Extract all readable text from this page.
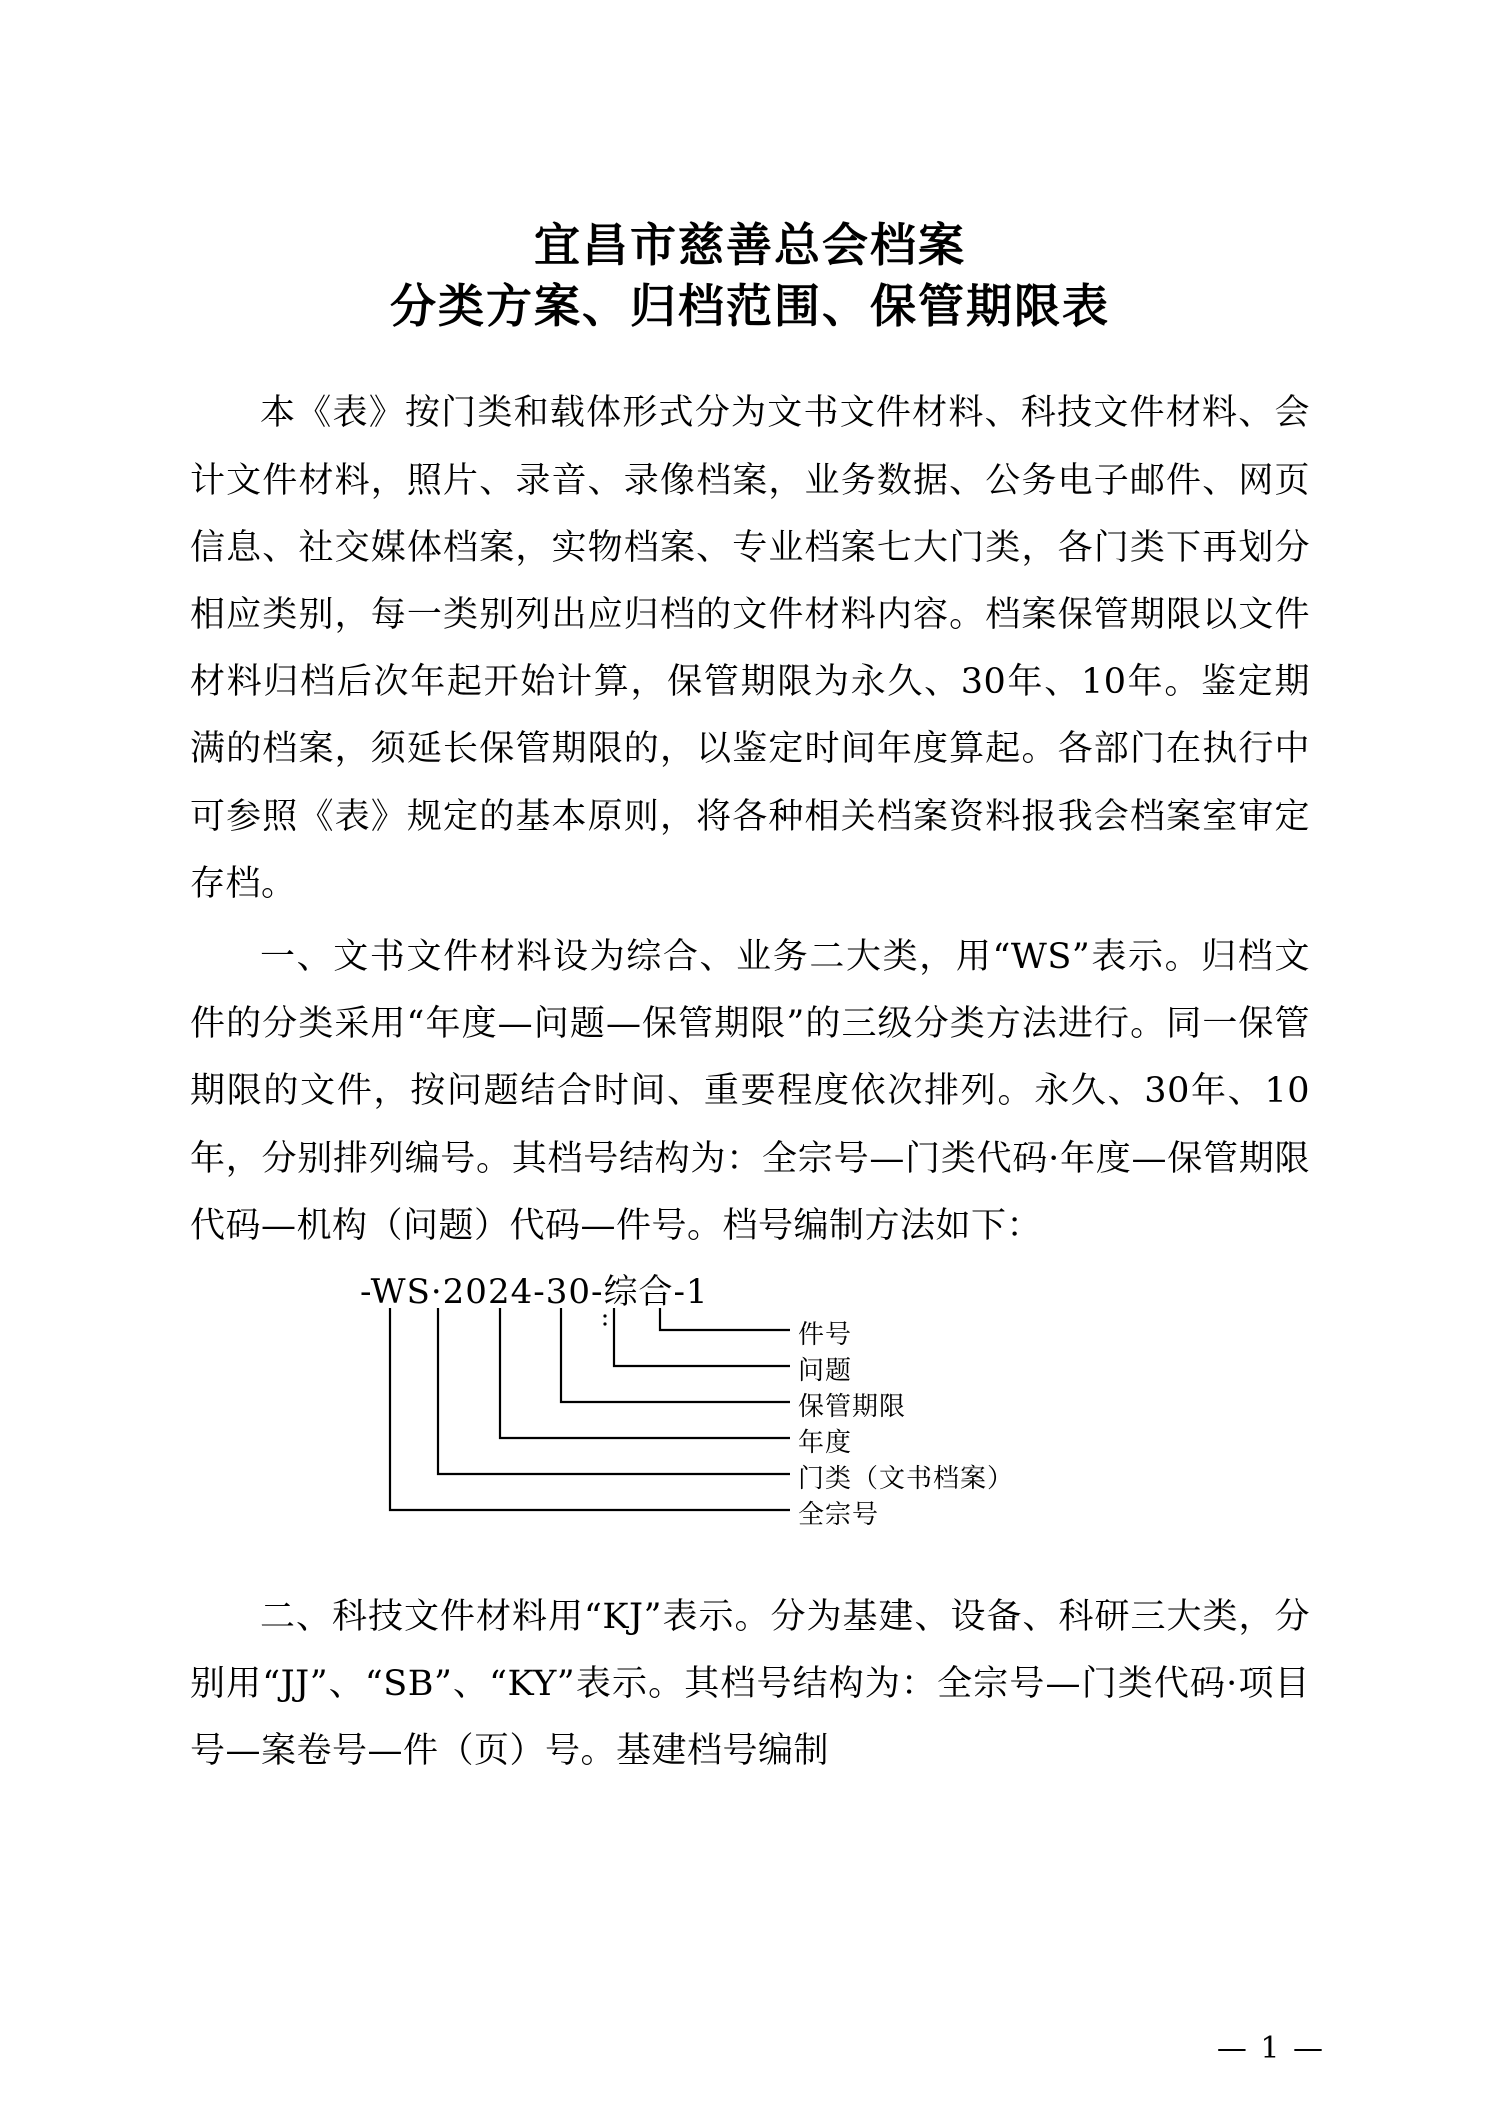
宜昌市慈善总会档案
分类方案、归档范围、保管期限表

本《表》按门类和载体形式分为文书文件材料、科技文件材料、会计文件材料，照片、录音、录像档案，业务数据、公务电子邮件、网页信息、社交媒体档案，实物档案、专业档案七大门类，各门类下再划分相应类别，每一类别列出应归档的文件材料内容。档案保管期限以文件材料归档后次年起开始计算，保管期限为永久、30年、10年。鉴定期满的档案，须延长保管期限的，以鉴定时间年度算起。各部门在执行中可参照《表》规定的基本原则，将各种相关档案资料报我会档案室审定存档。

一、文书文件材料设为综合、业务二大类，用“WS”表示。归档文件的分类采用“年度—问题—保管期限”的三级分类方法进行。同一保管期限的文件，按问题结合时间、重要程度依次排列。永久、30年、10年，分别排列编号。其档号结构为：全宗号—门类代码·年度—保管期限代码—机构（问题）代码—件号。档号编制方法如下：

-WS·2024-30-综合-1
件号
问题
保管期限
年度
门类（文书档案）
全宗号

二、科技文件材料用“KJ”表示。分为基建、设备、科研三大类，分别用“JJ”、“SB”、“KY”表示。其档号结构为：全宗号—门类代码·项目号—案卷号—件（页）号。基建档号编制

— 1 —
